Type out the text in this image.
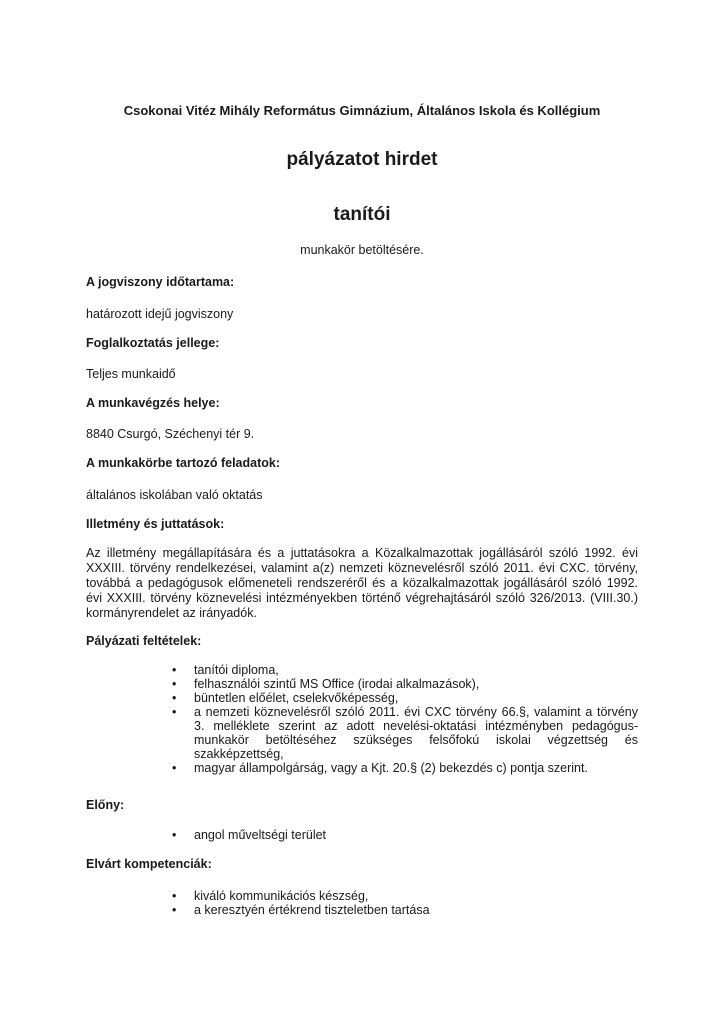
Csokonai Vitéz Mihály Református Gimnázium, Általános Iskola és Kollégium
pályázatot hirdet
tanítói
munkakör betöltésére.

A jogviszony időtartama:

határozott idejű jogviszony

Foglalkoztatás jellege:

Teljes munkaidő

A munkavégzés helye:

8840 Csurgó, Széchenyi tér 9.

A munkakörbe tartozó feladatok:

általános iskolában való oktatás

Illetmény és juttatások:

Az illetmény megállapítására és a juttatásokra a Közalkalmazottak jogállásáról szóló 1992. évi XXXIII. törvény rendelkezései, valamint a(z) nemzeti köznevelésről szóló 2011. évi CXC. törvény, továbbá a pedagógusok előmeneteli rendszeréről és a közalkalmazottak jogállásáról szóló 1992. évi XXXIII. törvény köznevelési intézményekben történő végrehajtásáról szóló 326/2013. (VIII.30.) kormányrendelet az irányadók.

Pályázati feltételek:

• tanítói diploma,
• felhasználói szintű MS Office (irodai alkalmazások),
• büntetlen előélet, cselekvőképesség,
• a nemzeti köznevelésről szóló 2011. évi CXC törvény 66.§, valamint a törvény 3. melléklete szerint az adott nevelési-oktatási intézményben pedagógus-munkakör betöltéséhez szükséges felsőfokú iskolai végzettség és szakképzettség,
• magyar állampolgárság, vagy a Kjt. 20.§ (2) bekezdés c) pontja szerint.

Előny:

• angol műveltségi terület

Elvárt kompetenciák:

• kiváló kommunikációs készség,
• a keresztyén értékrend tiszteletben tartása
